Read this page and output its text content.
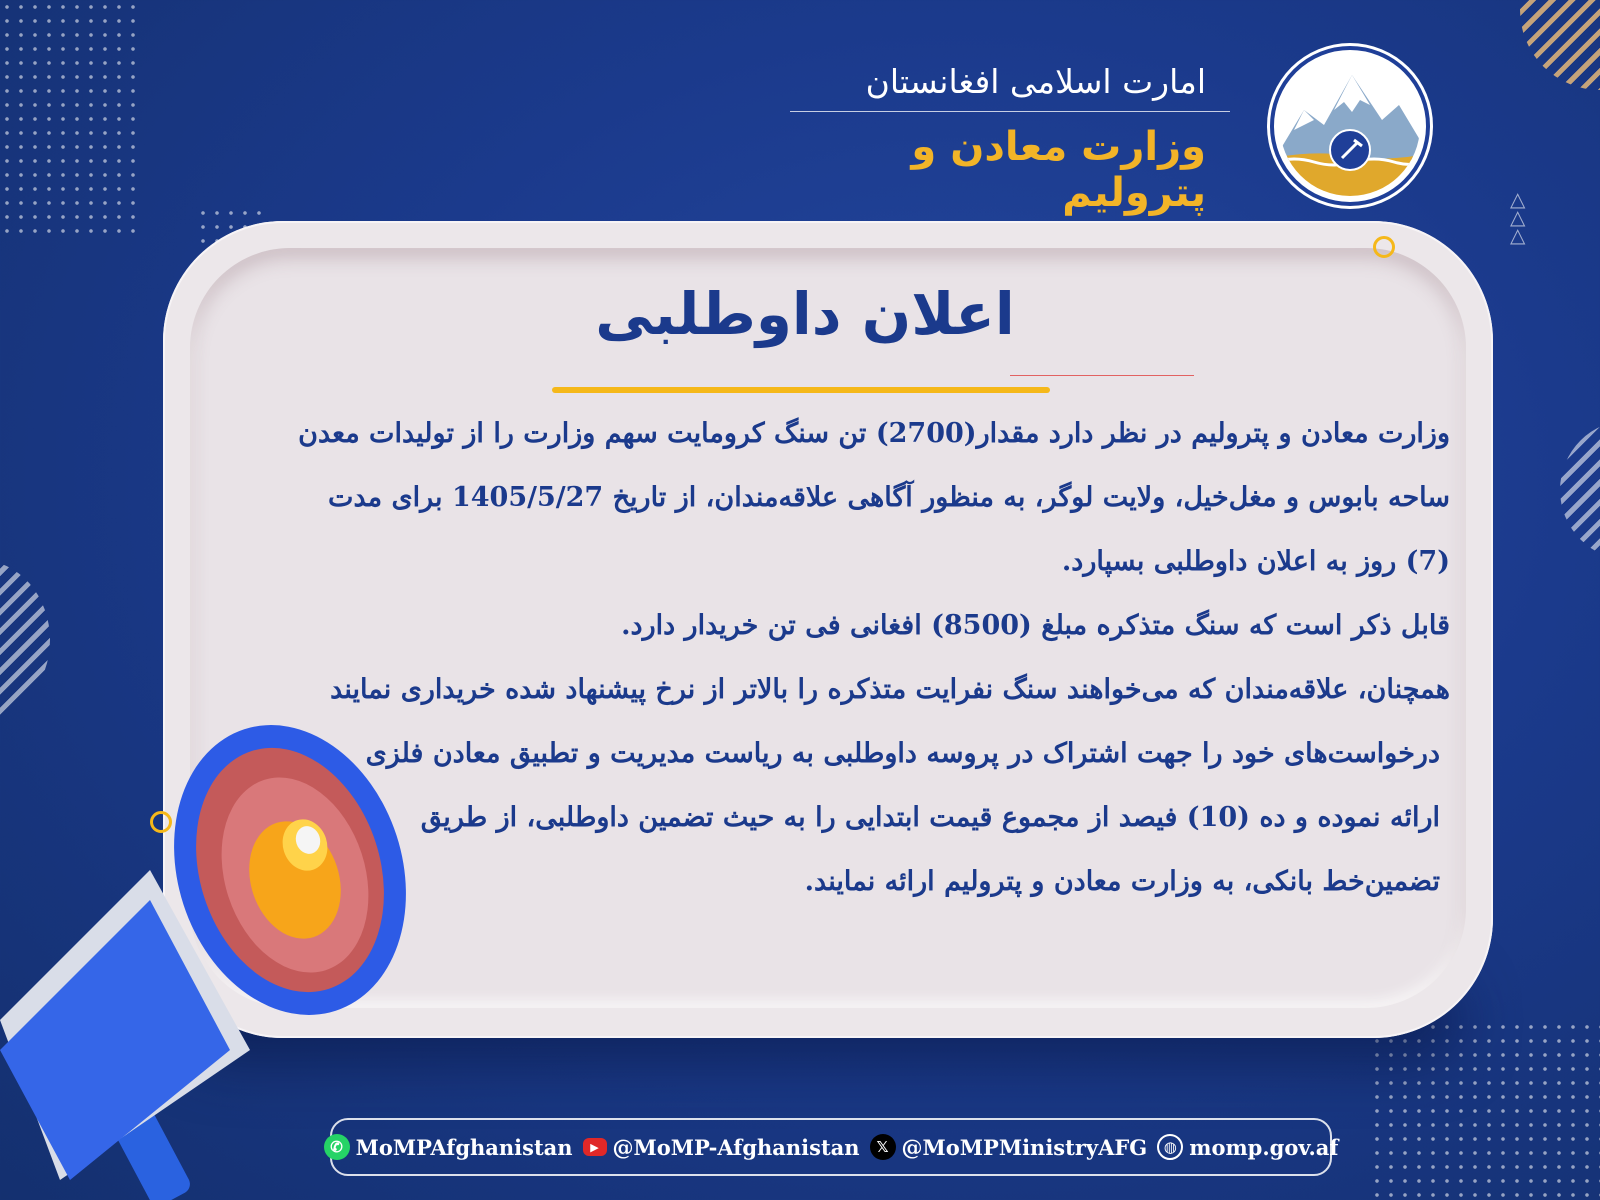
△
△
△
امارت اسلامی افغانستان
وزارت معادن و پترولیم
اعلان داوطلبی
وزارت معادن و پترولیم در نظر دارد مقدار(2700) تن سنگ کرومایت سهم وزارت را از تولیدات معدن
ساحه بابوس و مغل‌خیل، ولایت لوگر، به منظور آگاهی علاقه‌مندان، از تاریخ 1405/5/27 برای مدت
(7) روز به اعلان داوطلبی بسپارد.
قابل ذکر است که سنگ متذکره مبلغ (8500) افغانی فی تن خریدار دارد.
همچنان، علاقه‌مندان که می‌خواهند سنگ نفرایت متذکره را بالاتر از نرخ پیشنهاد شده خریداری نمایند
درخواست‌های خود را جهت اشتراک در پروسه داوطلبی به ریاست مدیریت و تطبیق معادن فلزی
ارائه نموده و ده (10) فیصد از مجموع قیمت ابتدایی را به حیث تضمین داوطلبی، از طریق
تضمین‌خط بانکی، به وزارت معادن و پترولیم ارائه نمایند.
✆ MoMPAfghanistan	▶ @MoMP-Afghanistan	𝕏 @MoMPMinistryAFG	◍ momp.gov.af
